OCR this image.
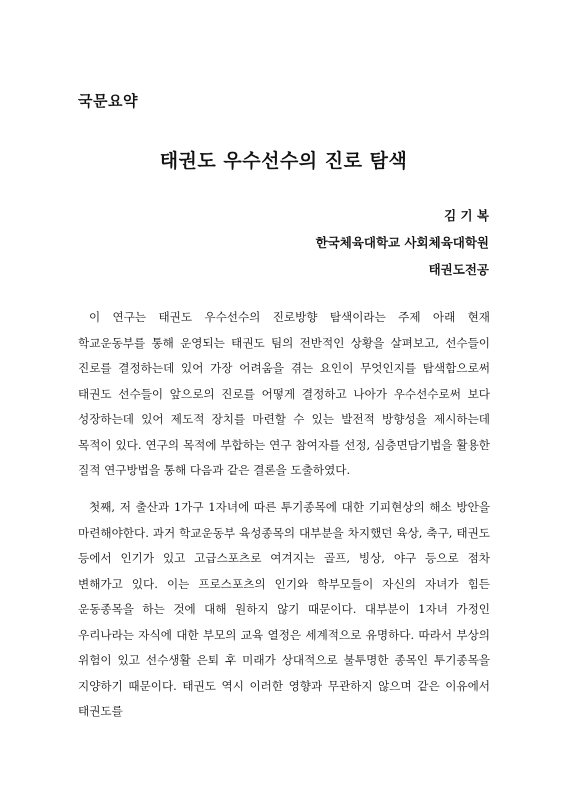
국문요약
태권도 우수선수의 진로 탐색
김 기 복
한국체육대학교 사회체육대학원
태권도전공

이 연구는 태권도 우수선수의 진로방향 탐색이라는 주제 아래 현재 학교운동부를 통해 운영되는 태권도 팀의 전반적인 상황을 살펴보고, 선수들이 진로를 결정하는데 있어 가장 어려움을 겪는 요인이 무엇인지를 탐색함으로써 태권도 선수들이 앞으로의 진로를 어떻게 결정하고 나아가 우수선수로써 보다 성장하는데 있어 제도적 장치를 마련할 수 있는 발전적 방향성을 제시하는데 목적이 있다. 연구의 목적에 부합하는 연구 참여자를 선정, 심층면담기법을 활용한 질적 연구방법을 통해 다음과 같은 결론을 도출하였다.

첫째, 저 출산과 1가구 1자녀에 따른 투기종목에 대한 기피현상의 해소 방안을 마련해야한다. 과거 학교운동부 육성종목의 대부분을 차지했던 육상, 축구, 태권도 등에서 인기가 있고 고급스포츠로 여겨지는 골프, 빙상, 야구 등으로 점차 변해가고 있다. 이는 프로스포츠의 인기와 학부모들이 자신의 자녀가 힘든 운동종목을 하는 것에 대해 원하지 않기 때문이다. 대부분이 1자녀 가정인 우리나라는 자식에 대한 부모의 교육 열정은 세계적으로 유명하다. 따라서 부상의 위험이 있고 선수생활 은퇴 후 미래가 상대적으로 불투명한 종목인 투기종목을 지양하기 때문이다. 태권도 역시 이러한 영향과 무관하지 않으며 같은 이유에서 태권도를
